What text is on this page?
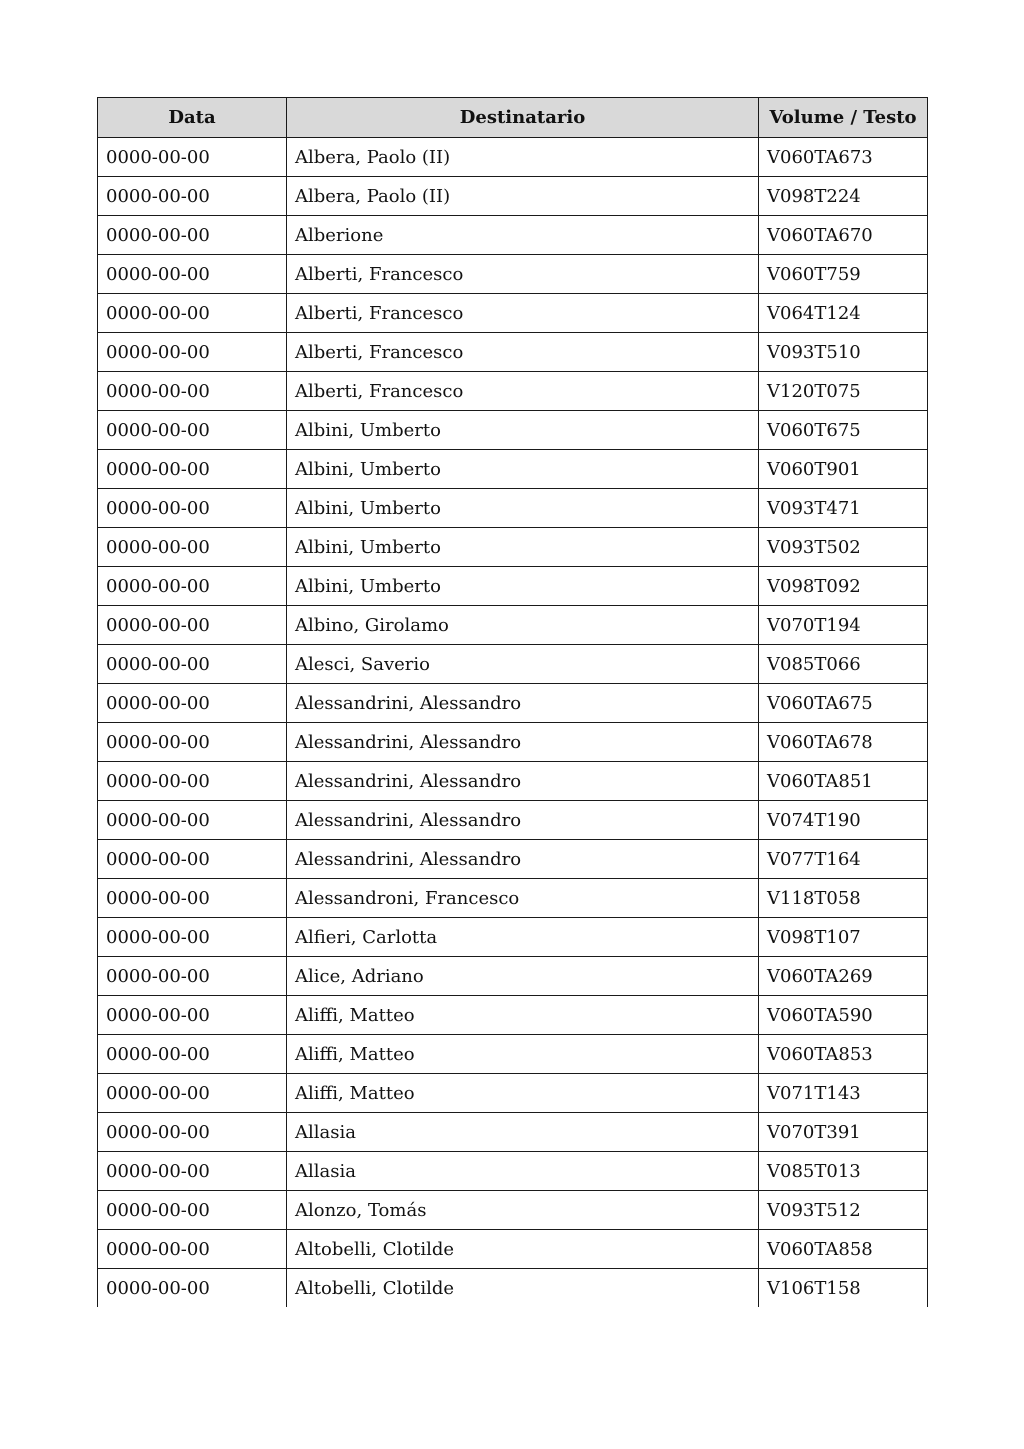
Data	Destinatario	Volume / Testo
0000-00-00	Albera, Paolo (II)	V060TA673
0000-00-00	Albera, Paolo (II)	V098T224
0000-00-00	Alberione	V060TA670
0000-00-00	Alberti, Francesco	V060T759
0000-00-00	Alberti, Francesco	V064T124
0000-00-00	Alberti, Francesco	V093T510
0000-00-00	Alberti, Francesco	V120T075
0000-00-00	Albini, Umberto	V060T675
0000-00-00	Albini, Umberto	V060T901
0000-00-00	Albini, Umberto	V093T471
0000-00-00	Albini, Umberto	V093T502
0000-00-00	Albini, Umberto	V098T092
0000-00-00	Albino, Girolamo	V070T194
0000-00-00	Alesci, Saverio	V085T066
0000-00-00	Alessandrini, Alessandro	V060TA675
0000-00-00	Alessandrini, Alessandro	V060TA678
0000-00-00	Alessandrini, Alessandro	V060TA851
0000-00-00	Alessandrini, Alessandro	V074T190
0000-00-00	Alessandrini, Alessandro	V077T164
0000-00-00	Alessandroni, Francesco	V118T058
0000-00-00	Alfieri, Carlotta	V098T107
0000-00-00	Alice, Adriano	V060TA269
0000-00-00	Aliffi, Matteo	V060TA590
0000-00-00	Aliffi, Matteo	V060TA853
0000-00-00	Aliffi, Matteo	V071T143
0000-00-00	Allasia	V070T391
0000-00-00	Allasia	V085T013
0000-00-00	Alonzo, Tomás	V093T512
0000-00-00	Altobelli, Clotilde	V060TA858
0000-00-00	Altobelli, Clotilde	V106T158
